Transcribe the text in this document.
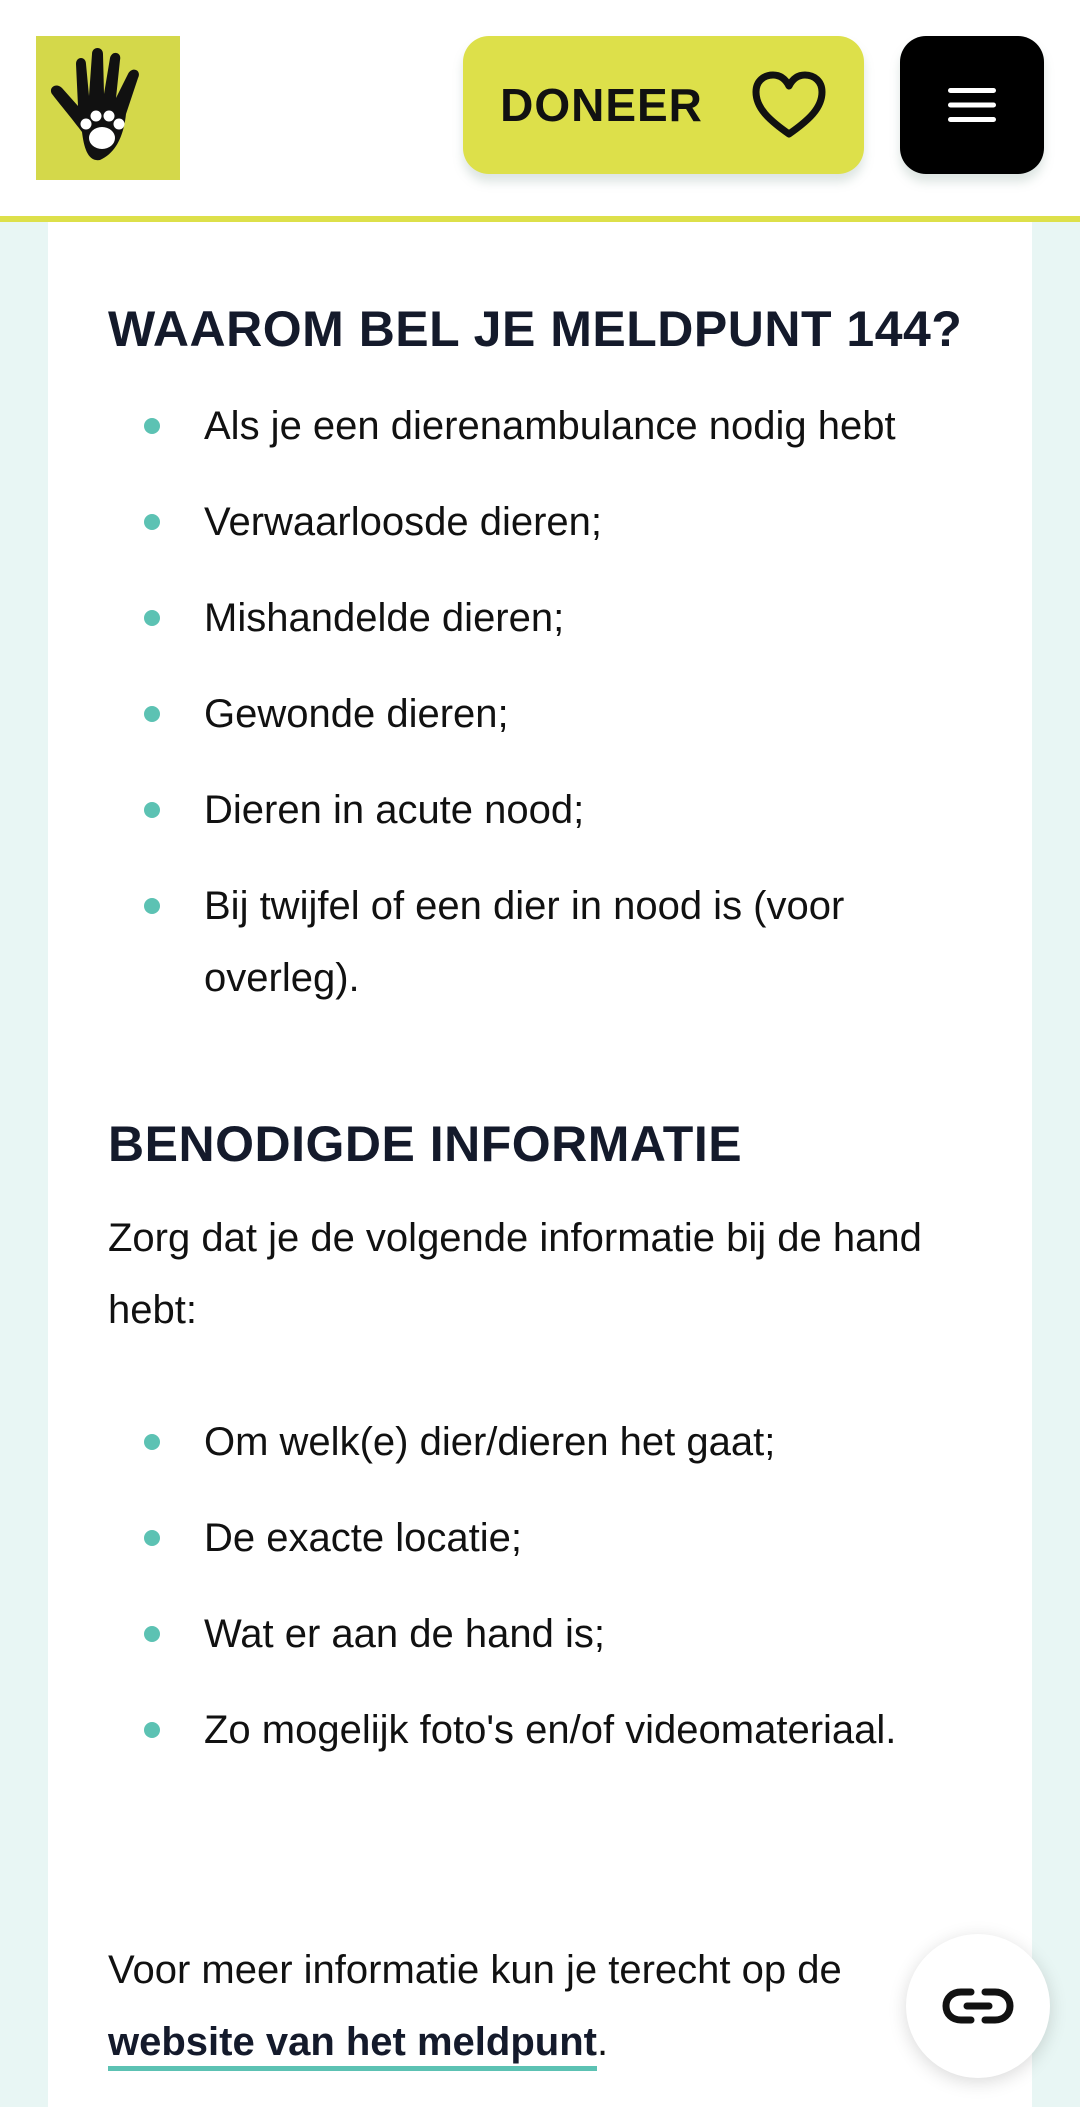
DONEER
WAAROM BEL JE MELDPUNT 144?
Als je een dierenambulance nodig hebt
Verwaarloosde dieren;
Mishandelde dieren;
Gewonde dieren;
Dieren in acute nood;
Bij twijfel of een dier in nood is (voor overleg).
BENODIGDE INFORMATIE

Zorg dat je de volgende informatie bij de hand hebt:

Om welk(e) dier/dieren het gaat;
De exacte locatie;
Wat er aan de hand is;
Zo mogelijk foto's en/of videomateriaal.

Voor meer informatie kun je terecht op de website van het meldpunt.
